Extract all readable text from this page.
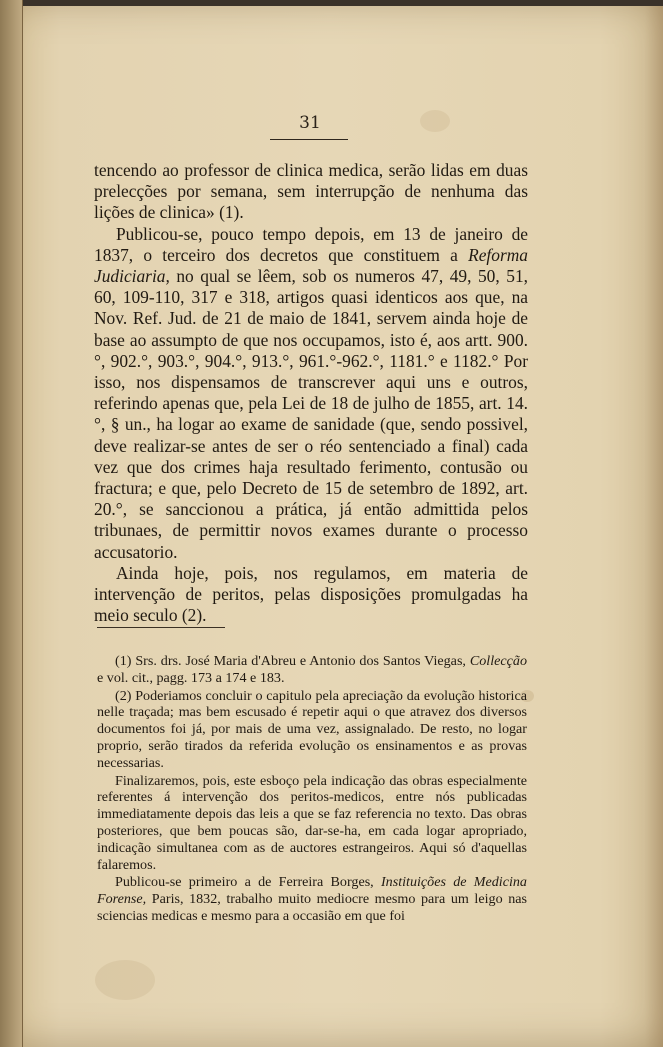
31

tencendo ao professor de clinica medica, serão lidas em duas prelecções por semana, sem interrupção de nenhuma das lições de clinica» (1).

Publicou-se, pouco tempo depois, em 13 de janeiro de 1837, o terceiro dos decretos que constituem a Reforma Judiciaria, no qual se lêem, sob os numeros 47, 49, 50, 51, 60, 109-110, 317 e 318, artigos quasi identicos aos que, na Nov. Ref. Jud. de 21 de maio de 1841, servem ainda hoje de base ao assumpto de que nos occupamos, isto é, aos artt. 900.°, 902.°, 903.°, 904.°, 913.°, 961.°-962.°, 1181.° e 1182.° Por isso, nos dispensamos de transcrever aqui uns e outros, referindo apenas que, pela Lei de 18 de julho de 1855, art. 14.°, § un., ha logar ao exame de sanidade (que, sendo possivel, deve realizar-se antes de ser o réo sentenciado a final) cada vez que dos crimes haja resultado ferimento, contusão ou fractura; e que, pelo Decreto de 15 de setembro de 1892, art. 20.°, se sanccionou a prática, já então admittida pelos tribunaes, de permittir novos exames durante o processo accusatorio.

Ainda hoje, pois, nos regulamos, em materia de intervenção de peritos, pelas disposições promulgadas ha meio seculo (2).

(1) Srs. drs. José Maria d'Abreu e Antonio dos Santos Viegas, Collecção e vol. cit., pagg. 173 a 174 e 183.

(2) Poderiamos concluir o capitulo pela apreciação da evolução historica nelle traçada; mas bem escusado é repetir aqui o que atravez dos diversos documentos foi já, por mais de uma vez, assignalado. De resto, no logar proprio, serão tirados da referida evolução os ensinamentos e as provas necessarias.

Finalizaremos, pois, este esboço pela indicação das obras especialmente referentes á intervenção dos peritos-medicos, entre nós publicadas immediatamente depois das leis a que se faz referencia no texto. Das obras posteriores, que bem poucas são, dar-se-ha, em cada logar apropriado, indicação simultanea com as de auctores estrangeiros. Aqui só d'aquellas falaremos.

Publicou-se primeiro a de Ferreira Borges, Instituições de Medicina Forense, Paris, 1832, trabalho muito mediocre mesmo para um leigo nas sciencias medicas e mesmo para a occasião em que foi
